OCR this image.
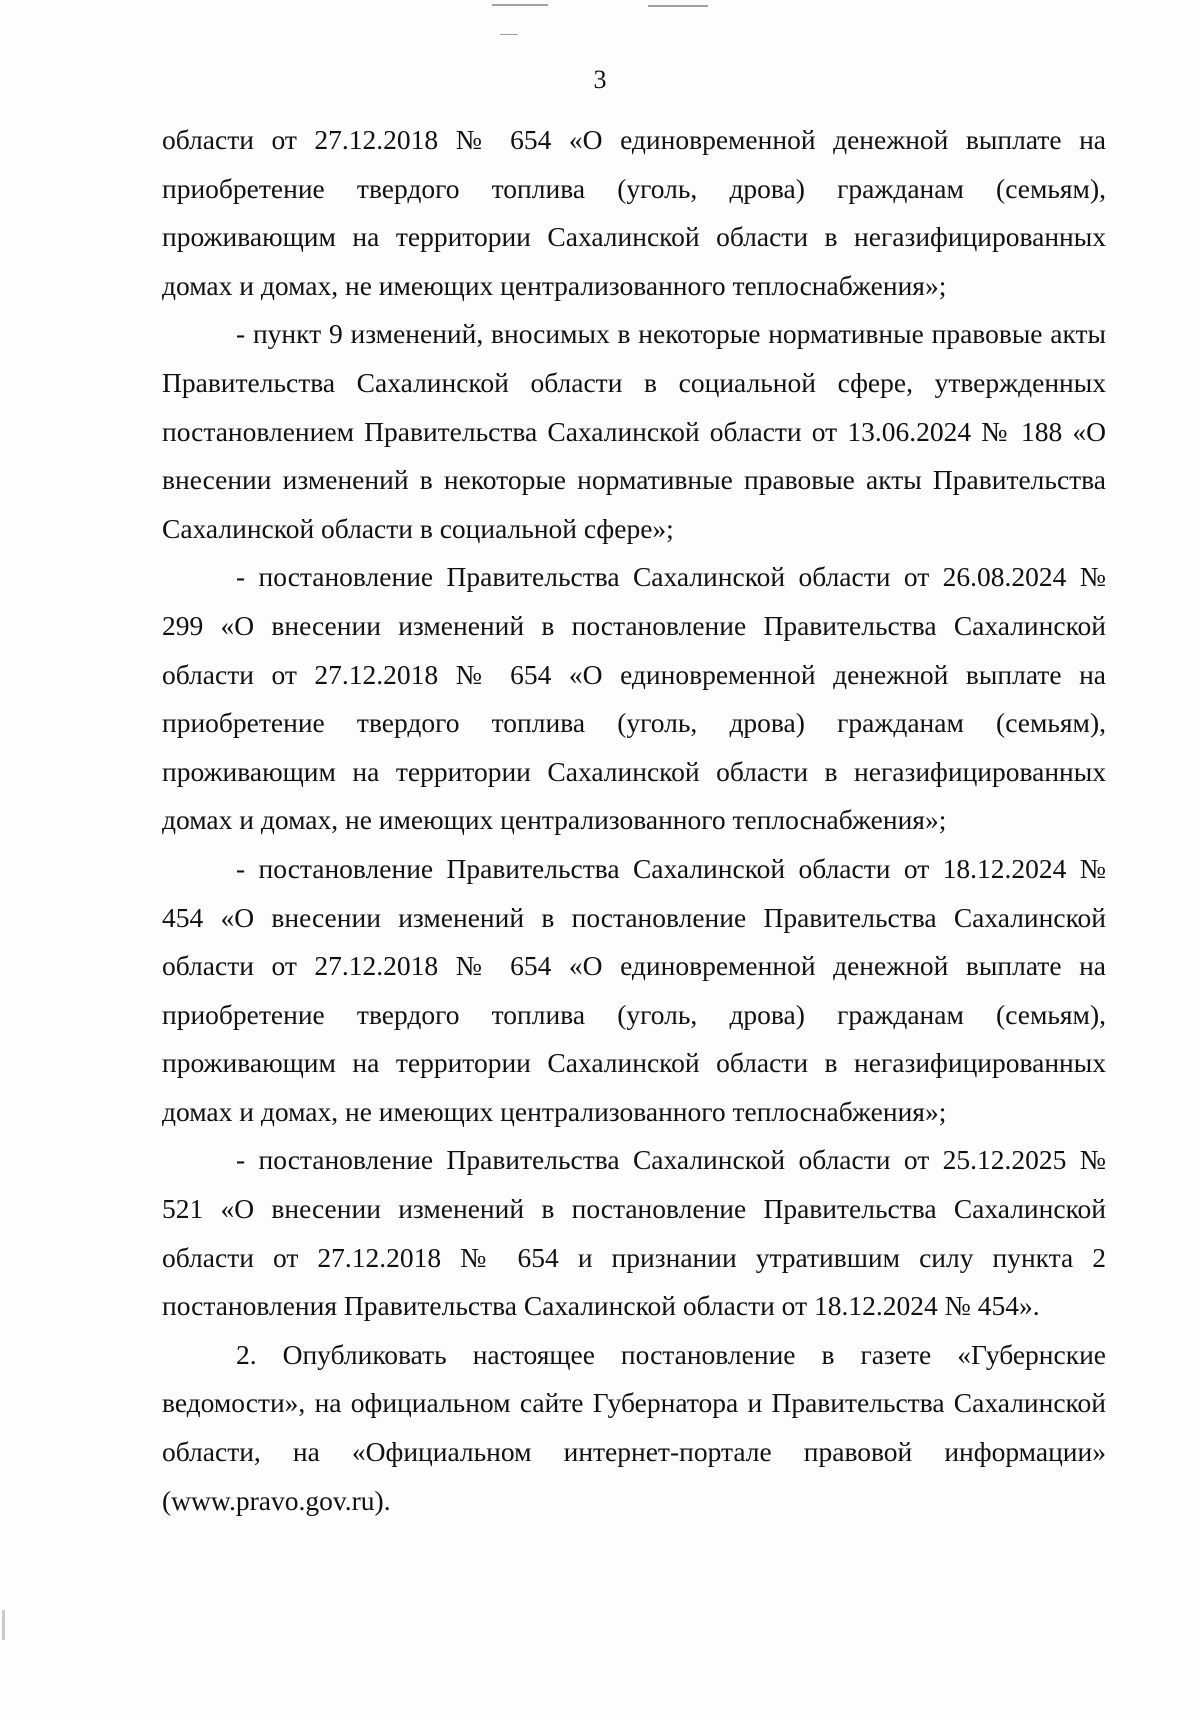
3

области от 27.12.2018 № 654 «О единовременной денежной выплате на приобретение твердого топлива (уголь, дрова) гражданам (семьям), проживающим на территории Сахалинской области в негазифицированных домах и домах, не имеющих централизованного теплоснабжения»;

- пункт 9 изменений, вносимых в некоторые нормативные правовые акты Правительства Сахалинской области в социальной сфере, утвержденных постановлением Правительства Сахалинской области от 13.06.2024 № 188 «О внесении изменений в некоторые нормативные правовые акты Правительства Сахалинской области в социальной сфере»;

- постановление Правительства Сахалинской области от 26.08.2024 № 299 «О внесении изменений в постановление Правительства Сахалинской области от 27.12.2018 № 654 «О единовременной денежной выплате на приобретение твердого топлива (уголь, дрова) гражданам (семьям), проживающим на территории Сахалинской области в негазифицированных домах и домах, не имеющих централизованного теплоснабжения»;

- постановление Правительства Сахалинской области от 18.12.2024 № 454 «О внесении изменений в постановление Правительства Сахалинской области от 27.12.2018 № 654 «О единовременной денежной выплате на приобретение твердого топлива (уголь, дрова) гражданам (семьям), проживающим на территории Сахалинской области в негазифицированных домах и домах, не имеющих централизованного теплоснабжения»;

- постановление Правительства Сахалинской области от 25.12.2025 № 521 «О внесении изменений в постановление Правительства Сахалинской области от 27.12.2018 № 654 и признании утратившим силу пункта 2 постановления Правительства Сахалинской области от 18.12.2024 № 454».

2. Опубликовать настоящее постановление в газете «Губернские ведомости», на официальном сайте Губернатора и Правительства Сахалинской области, на «Официальном интернет-портале правовой информации» (www.pravo.gov.ru).
